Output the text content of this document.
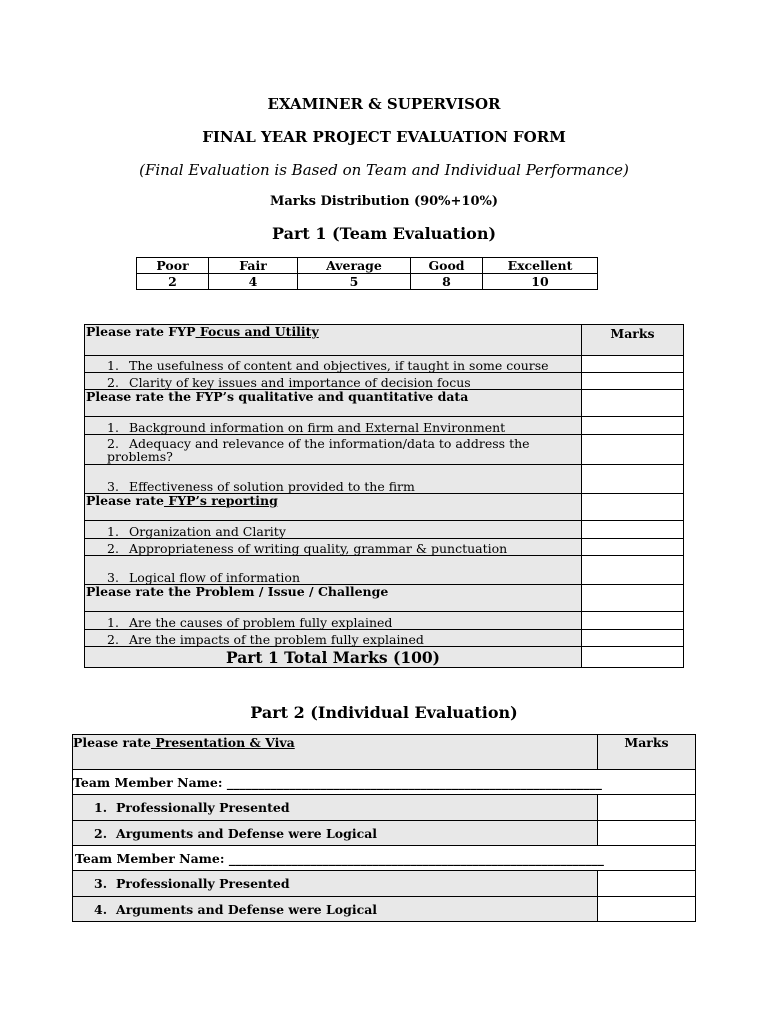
EXAMINER & SUPERVISOR
FINAL YEAR PROJECT EVALUATION FORM
(Final Evaluation is Based on Team and Individual Performance)
Marks Distribution (90%+10%)
Part 1 (Team Evaluation)
Poor	Fair	Average	Good	Excellent
2	4	5	8	10
Please rate FYP Focus and Utility	Marks
1. The usefulness of content and objectives, if taught in some course	
2. Clarity of key issues and importance of decision focus	
Please rate the FYP’s qualitative and quantitative data	
1. Background information on firm and External Environment	
2. Adequacy and relevance of the information/data to address the problems?	
3. Effectiveness of solution provided to the firm	
Please rate FYP’s reporting	
1. Organization and Clarity	
2. Appropriateness of writing quality, grammar & punctuation	
3. Logical flow of information	
Please rate the Problem / Issue / Challenge	
1. Are the causes of problem fully explained	
2. Are the impacts of the problem fully explained	
Part 1 Total Marks (100)	
Part 2 (Individual Evaluation)
Please rate Presentation & Viva	Marks
Team Member Name: ____________________________________________________________	
1. Professionally Presented	
2. Arguments and Defense were Logical	
Team Member Name: ____________________________________________________________	
3. Professionally Presented	
4. Arguments and Defense were Logical	
